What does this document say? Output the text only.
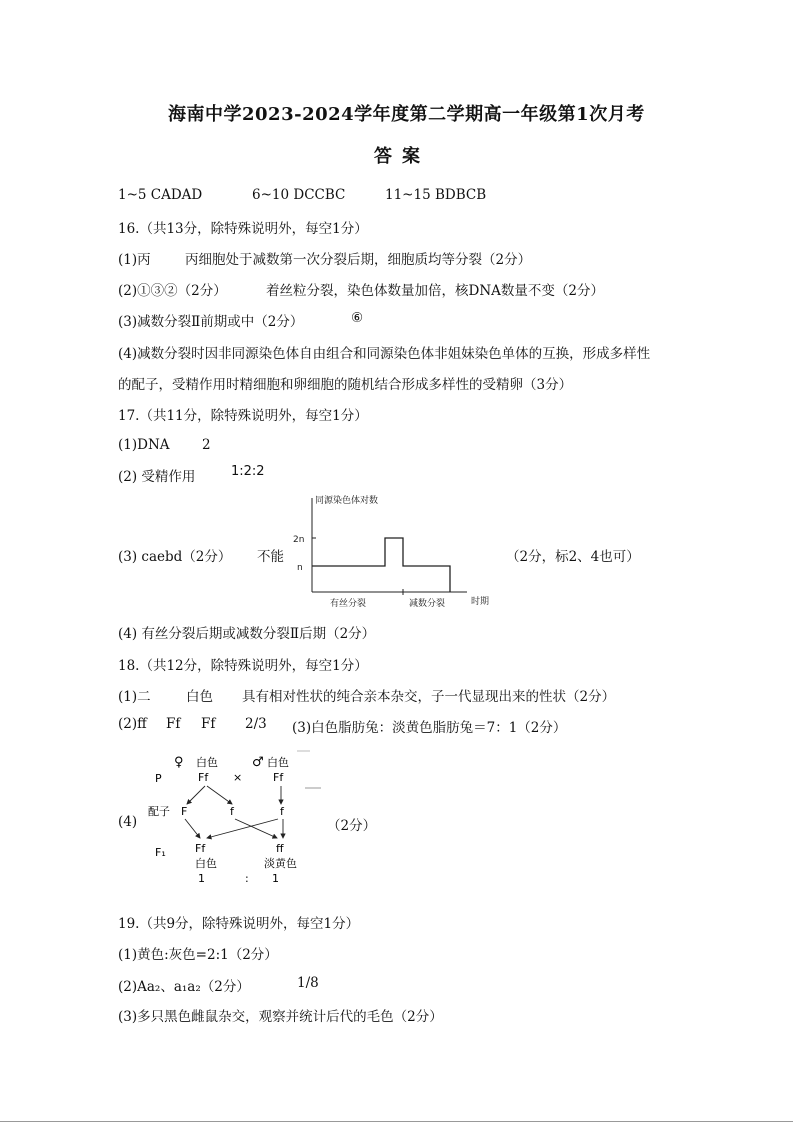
海南中学2023-2024学年度第二学期高一年级第1次月考
答案
1~5 CADAD	6~10 DCCBC	11~15 BDBCB
16.（共13分，除特殊说明外，每空1分）
(1)丙	丙细胞处于减数第一次分裂后期，细胞质均等分裂（2分）
(2)①③②（2分）	着丝粒分裂，染色体数量加倍，核DNA数量不变（2分）
(3)减数分裂Ⅱ前期或中（2分）	⑥
(4)减数分裂时因非同源染色体自由组合和同源染色体非姐妹染色单体的互换，形成多样性
的配子，受精作用时精细胞和卵细胞的随机结合形成多样性的受精卵（3分）
17.（共11分，除特殊说明外，每空1分）
(1)DNA 2
(2) 受精作用	1:2:2
(3) caebd（2分） 不能	（2分，标2、4也可）
同源染色体对数
2n
n
有丝分裂	减数分裂	时期
(4) 有丝分裂后期或减数分裂Ⅱ后期（2分）
18.（共12分，除特殊说明外，每空1分）
(1)二	白色 具有相对性状的纯合亲本杂交，子一代显现出来的性状（2分）
(2)ff Ff Ff 2/3 (3)白色脂肪兔：淡黄色脂肪兔＝7：1（2分）
(4)	（2分）
P
♀ 白色
Ff ×
♂ 白色
Ff
配子 F	f	f
F₁	Ff
白色
1	:
ff
淡黄色
1
19.（共9分，除特殊说明外，每空1分）
(1)黄色:灰色=2:1（2分）
(2)Aa₂、a₁a₂（2分）	1/8
(3)多只黑色雌鼠杂交，观察并统计后代的毛色（2分）
